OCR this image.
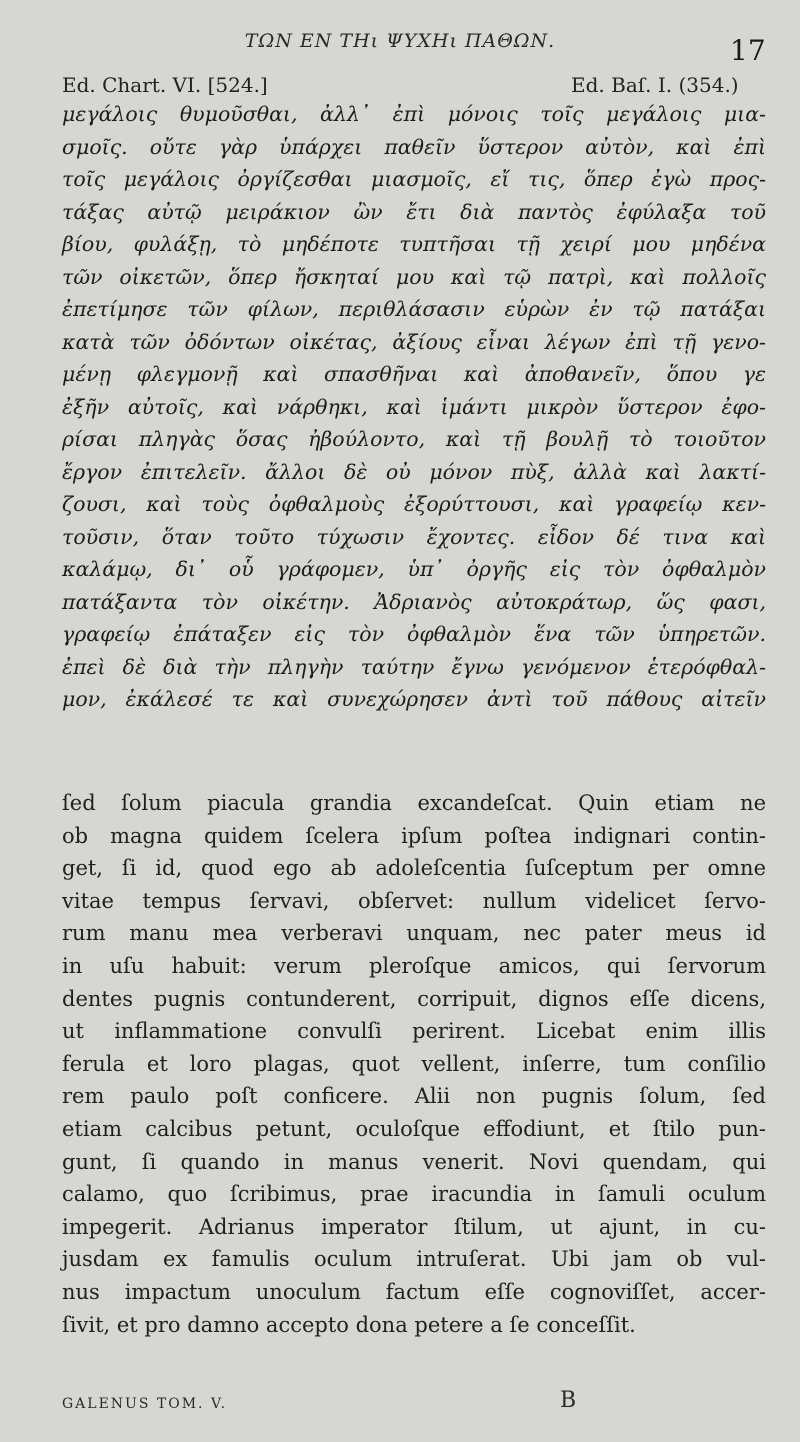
ΤΩΝ ΕΝ ΤΗι ΨΥΧΗι ΠΑΘΩΝ.	17
Ed. Chart. VI. [524.]	Ed. Baſ. I. (354.)
μεγάλοις θυμοῦσθαι, ἀλλ᾽ ἐπὶ μόνοις τοῖς μεγάλοις μια-
σμοῖς. οὔτε γὰρ ὑπάρχει παθεῖν ὕστερον αὐτὸν, καὶ ἐπὶ
τοῖς μεγάλοις ὀργίζεσθαι μιασμοῖς, εἴ τις, ὅπερ ἐγὼ προς-
τάξας αὐτῷ μειράκιον ὢν ἔτι διὰ παντὸς ἐφύλαξα τοῦ
βίου, φυλάξῃ, τὸ μηδέποτε τυπτῆσαι τῇ χειρί μου μηδένα
τῶν οἰκετῶν, ὅπερ ἤσκηταί μου καὶ τῷ πατρὶ, καὶ πολλοῖς
ἐπετίμησε τῶν φίλων, περιθλάσασιν εὑρὼν ἐν τῷ πατάξαι
κατὰ τῶν ὀδόντων οἰκέτας, ἀξίους εἶναι λέγων ἐπὶ τῇ γενο-
μένῃ φλεγμονῇ καὶ σπασθῆναι καὶ ἀποθανεῖν, ὅπου γε
ἐξῆν αὐτοῖς, καὶ νάρθηκι, καὶ ἱμάντι μικρὸν ὕστερον ἐφο-
ρίσαι πληγὰς ὅσας ἠβούλοντο, καὶ τῇ βουλῇ τὸ τοιοῦτον
ἔργον ἐπιτελεῖν. ἄλλοι δὲ οὐ μόνον πὺξ, ἀλλὰ καὶ λακτί-
ζουσι, καὶ τοὺς ὀφθαλμοὺς ἐξορύττουσι, καὶ γραφείῳ κεν-
τοῦσιν, ὅταν τοῦτο τύχωσιν ἔχοντες. εἶδον δέ τινα καὶ
καλάμῳ, δι᾽ οὗ γράφομεν, ὑπ᾽ ὀργῆς εἰς τὸν ὀφθαλμὸν
πατάξαντα τὸν οἰκέτην. Ἀδριανὸς αὐτοκράτωρ, ὥς φασι,
γραφείῳ ἐπάταξεν εἰς τὸν ὀφθαλμὸν ἕνα τῶν ὑπηρετῶν.
ἐπεὶ δὲ διὰ τὴν πληγὴν ταύτην ἔγνω γενόμενον ἑτερόφθαλ-
μον, ἐκάλεσέ τε καὶ συνεχώρησεν ἀντὶ τοῦ πάθους αἰτεῖν
ſed ſolum piacula grandia excandeſcat. Quin etiam ne
ob magna quidem ſcelera ipſum poſtea indignari contin-
get, ſi id, quod ego ab adoleſcentia ſuſceptum per omne
vitae tempus ſervavi, obſervet: nullum videlicet ſervo-
rum manu mea verberavi unquam, nec pater meus id
in uſu habuit: verum pleroſque amicos, qui ſervorum
dentes pugnis contunderent, corripuit, dignos eſſe dicens,
ut inflammatione convulſi perirent. Licebat enim illis
ferula et loro plagas, quot vellent, inſerre, tum conſilio
rem paulo poſt conficere. Alii non pugnis ſolum, ſed
etiam calcibus petunt, oculoſque effodiunt, et ſtilo pun-
gunt, ſi quando in manus venerit. Novi quendam, qui
calamo, quo ſcribimus, prae iracundia in ſamuli oculum
impegerit. Adrianus imperator ſtilum, ut ajunt, in cu-
jusdam ex famulis oculum intruſerat. Ubi jam ob vul-
nus impactum unoculum factum eſſe cognoviſſet, accer-
ſivit, et pro damno accepto dona petere a ſe conceſſit.
GALENUS TOM. V.	B
